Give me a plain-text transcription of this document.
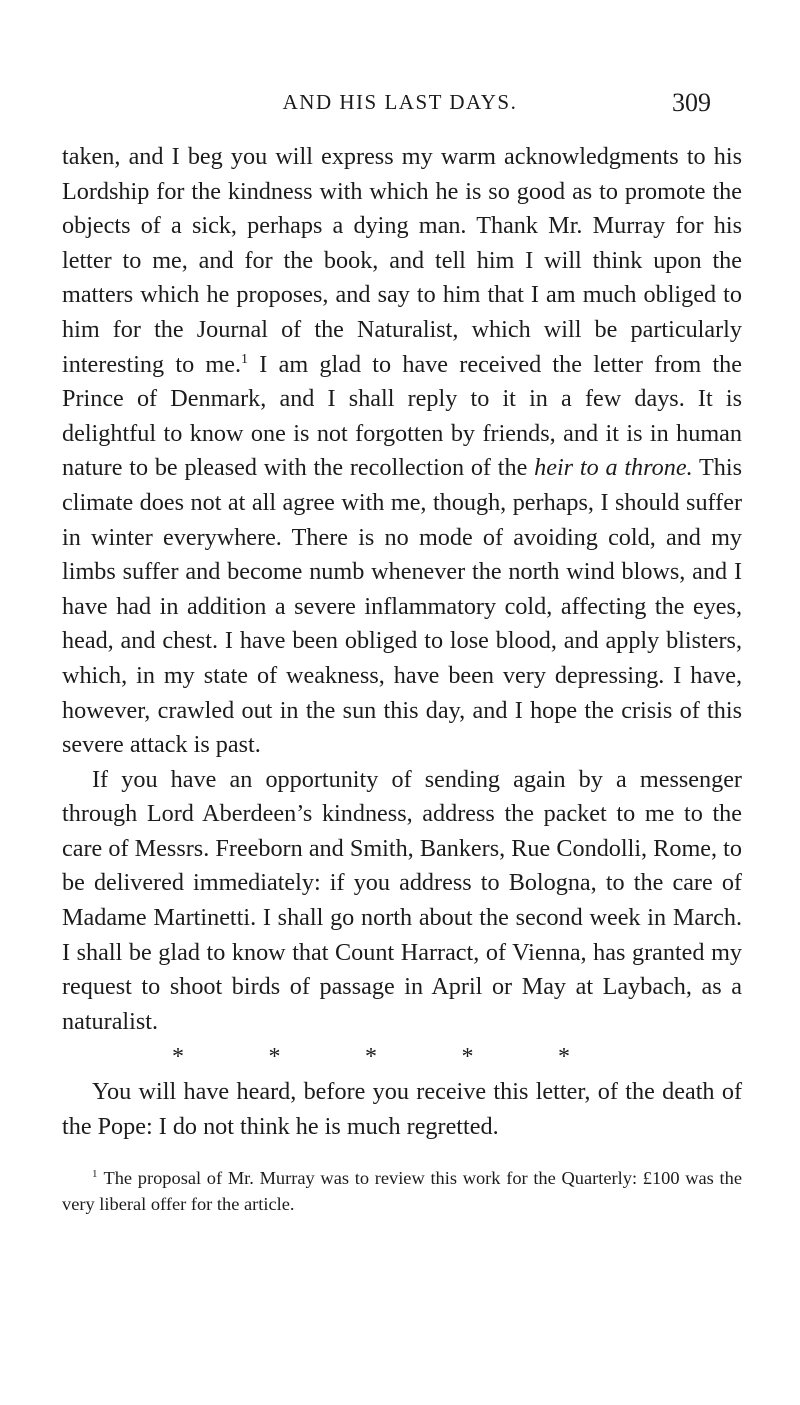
AND HIS LAST DAYS.	309

taken, and I beg you will express my warm acknowledgments to his Lordship for the kindness with which he is so good as to promote the objects of a sick, perhaps a dying man. Thank Mr. Murray for his letter to me, and for the book, and tell him I will think upon the matters which he proposes, and say to him that I am much obliged to him for the Journal of the Naturalist, which will be particularly interesting to me.$^1$ I am glad to have received the letter from the Prince of Denmark, and I shall reply to it in a few days. It is delightful to know one is not forgotten by friends, and it is in human nature to be pleased with the recollection of the heir to a throne. This climate does not at all agree with me, though, perhaps, I should suffer in winter everywhere. There is no mode of avoiding cold, and my limbs suffer and become numb whenever the north wind blows, and I have had in addition a severe inflammatory cold, affecting the eyes, head, and chest. I have been obliged to lose blood, and apply blisters, which, in my state of weakness, have been very depressing. I have, however, crawled out in the sun this day, and I hope the crisis of this severe attack is past.

If you have an opportunity of sending again by a messenger through Lord Aberdeen’s kindness, address the packet to me to the care of Messrs. Freeborn and Smith, Bankers, Rue Condolli, Rome, to be delivered immediately: if you address to Bologna, to the care of Madame Martinetti. I shall go north about the second week in March. I shall be glad to know that Count Harract, of Vienna, has granted my request to shoot birds of passage in April or May at Laybach, as a naturalist.

*	*	*	*	*

You will have heard, before you receive this letter, of the death of the Pope: I do not think he is much regretted.

$^1$ The proposal of Mr. Murray was to review this work for the Quarterly: £100 was the very liberal offer for the article.
